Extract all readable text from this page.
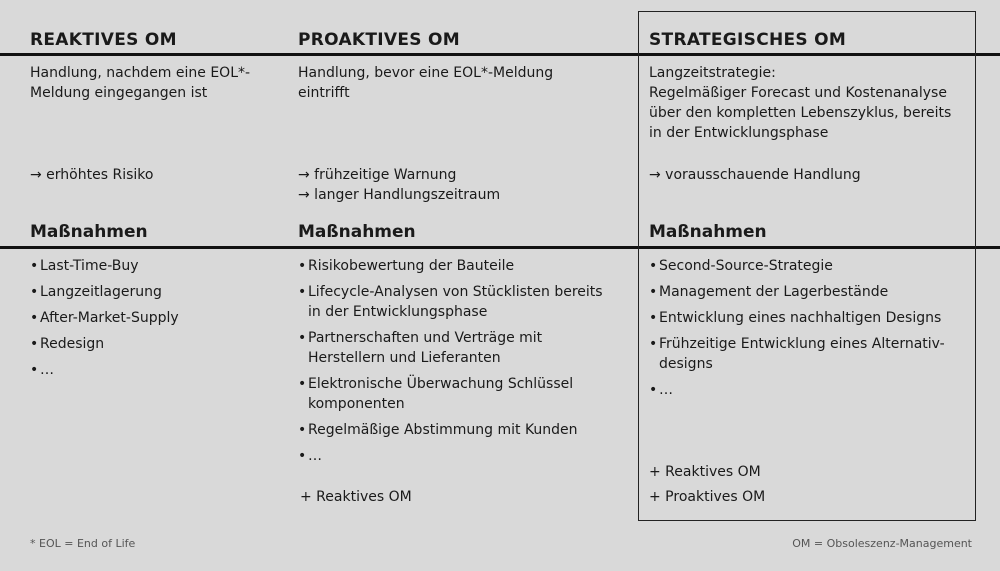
REAKTIVES OM
Handlung, nachdem eine EOL*-
Meldung eingegangen ist
→ erhöhtes Risiko
Maßnahmen
• Last-Time-Buy
• Langzeitlagerung
• After-Market-Supply
• Redesign
• …
PROAKTIVES OM
Handlung, bevor eine EOL*-Meldung
eintrifft
→ frühzeitige Warnung
→ langer Handlungszeitraum
Maßnahmen
• Risikobewertung der Bauteile
• Lifecycle-Analysen von Stücklisten bereits
in der Entwicklungsphase
• Partnerschaften und Verträge mit
Herstellern und Lieferanten
• Elektronische Überwachung Schlüssel
komponenten
• Regelmäßige Abstimmung mit Kunden
• …
+ Reaktives OM
STRATEGISCHES OM
Langzeitstrategie:
Regelmäßiger Forecast und Kostenanalyse
über den kompletten Lebenszyklus, bereits
in der Entwicklungsphase
→ vorausschauende Handlung
Maßnahmen
• Second-Source-Strategie
• Management der Lagerbestände
• Entwicklung eines nachhaltigen Designs
• Frühzeitige Entwicklung eines Alternativ-
designs
• …
+ Reaktives OM
+ Proaktives OM
* EOL = End of Life	OM = Obsoleszenz-Management
